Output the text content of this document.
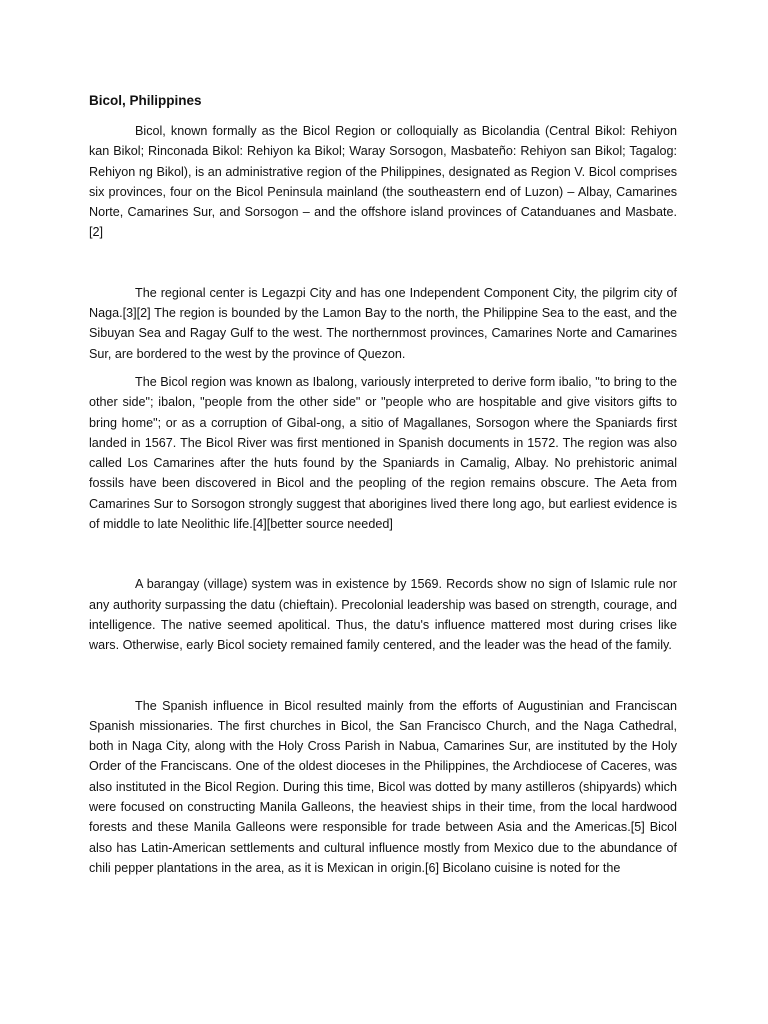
Bicol, Philippines

Bicol, known formally as the Bicol Region or colloquially as Bicolandia (Central Bikol: Rehiyon kan Bikol; Rinconada Bikol: Rehiyon ka Bikol; Waray Sorsogon, Masbateño: Rehiyon san Bikol; Tagalog: Rehiyon ng Bikol), is an administrative region of the Philippines, designated as Region V. Bicol comprises six provinces, four on the Bicol Peninsula mainland (the southeastern end of Luzon) – Albay, Camarines Norte, Camarines Sur, and Sorsogon – and the offshore island provinces of Catanduanes and Masbate.[2]

The regional center is Legazpi City and has one Independent Component City, the pilgrim city of Naga.[3][2] The region is bounded by the Lamon Bay to the north, the Philippine Sea to the east, and the Sibuyan Sea and Ragay Gulf to the west. The northernmost provinces, Camarines Norte and Camarines Sur, are bordered to the west by the province of Quezon.

The Bicol region was known as Ibalong, variously interpreted to derive form ibalio, "to bring to the other side"; ibalon, "people from the other side" or "people who are hospitable and give visitors gifts to bring home"; or as a corruption of Gibal-ong, a sitio of Magallanes, Sorsogon where the Spaniards first landed in 1567. The Bicol River was first mentioned in Spanish documents in 1572. The region was also called Los Camarines after the huts found by the Spaniards in Camalig, Albay. No prehistoric animal fossils have been discovered in Bicol and the peopling of the region remains obscure. The Aeta from Camarines Sur to Sorsogon strongly suggest that aborigines lived there long ago, but earliest evidence is of middle to late Neolithic life.[4][better source needed]

A barangay (village) system was in existence by 1569. Records show no sign of Islamic rule nor any authority surpassing the datu (chieftain). Precolonial leadership was based on strength, courage, and intelligence. The native seemed apolitical. Thus, the datu's influence mattered most during crises like wars. Otherwise, early Bicol society remained family centered, and the leader was the head of the family.

The Spanish influence in Bicol resulted mainly from the efforts of Augustinian and Franciscan Spanish missionaries. The first churches in Bicol, the San Francisco Church, and the Naga Cathedral, both in Naga City, along with the Holy Cross Parish in Nabua, Camarines Sur, are instituted by the Holy Order of the Franciscans. One of the oldest dioceses in the Philippines, the Archdiocese of Caceres, was also instituted in the Bicol Region. During this time, Bicol was dotted by many astilleros (shipyards) which were focused on constructing Manila Galleons, the heaviest ships in their time, from the local hardwood forests and these Manila Galleons were responsible for trade between Asia and the Americas.[5] Bicol also has Latin-American settlements and cultural influence mostly from Mexico due to the abundance of chili pepper plantations in the area, as it is Mexican in origin.[6] Bicolano cuisine is noted for the
